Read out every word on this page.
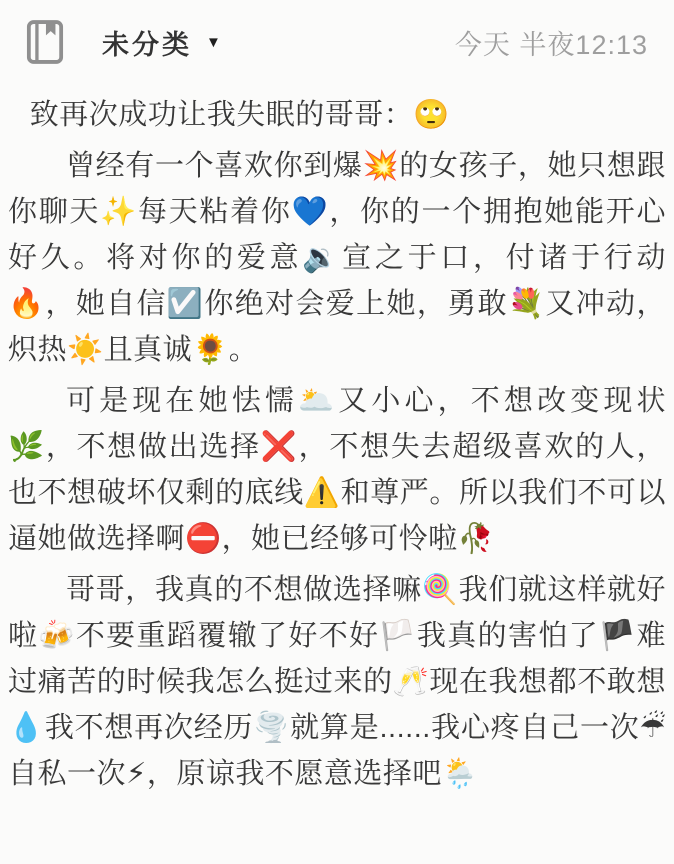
未分类 ▼	今天 半夜12:13

致再次成功让我失眠的哥哥：🙄

曾经有一个喜欢你到爆💥的女孩子，她只想跟你聊天✨每天粘着你💙，你的一个拥抱她能开心好久。将对你的爱意🔉宣之于口，付诸于行动🔥，她自信☑️你绝对会爱上她，勇敢💐又冲动，炽热☀️且真诚🌻。

可是现在她怯懦🌥️又小心，不想改变现状🌿，不想做出选择❌，不想失去超级喜欢的人，也不想破坏仅剩的底线⚠️和尊严。所以我们不可以逼她做选择啊⛔，她已经够可怜啦🥀

哥哥，我真的不想做选择嘛🍭我们就这样就好啦🍻不要重蹈覆辙了好不好🏳️我真的害怕了🏴难过痛苦的时候我怎么挺过来的🥂现在我想都不敢想💧我不想再次经历🌪️就算是......我心疼自己一次☔自私一次⚡，原谅我不愿意选择吧🌦️
